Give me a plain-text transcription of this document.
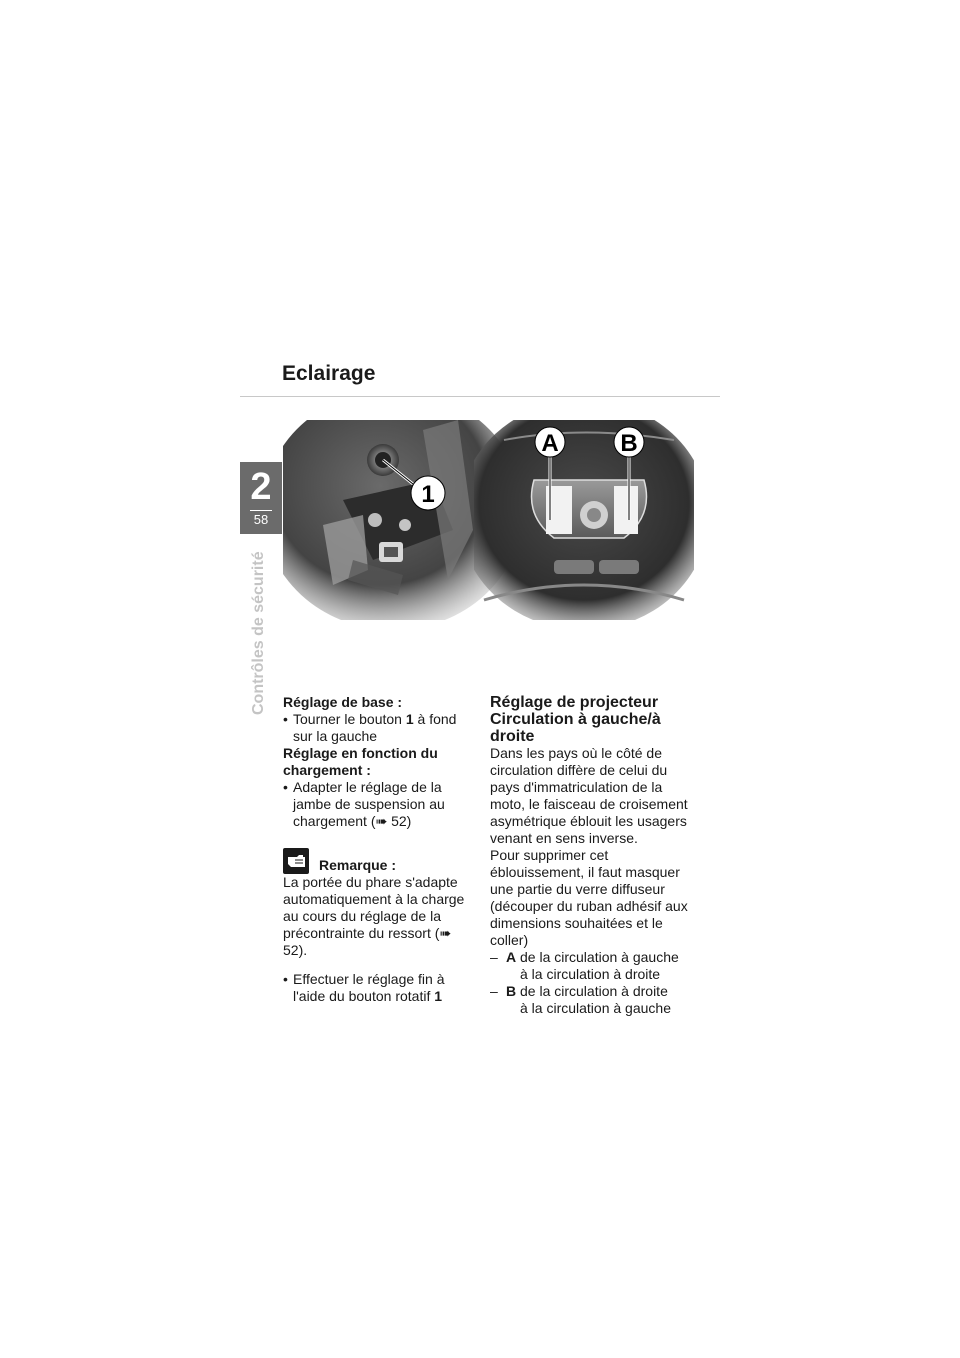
Eclairage
2
58
Contrôles de sécurité
1
A	B
Réglage de base :
• Tourner le bouton 1 à fond sur la gauche
Réglage en fonction du chargement :
• Adapter le réglage de la jambe de suspension au chargement (➠ 52)
Remarque :
La portée du phare s'adapte automatiquement à la charge au cours du réglage de la précontrainte du ressort (➠ 52).
• Effectuer le réglage fin à l'aide du bouton rotatif 1
Réglage de projecteur
Circulation à gauche/à droite
Dans les pays où le côté de circulation diffère de celui du pays d'immatriculation de la moto, le faisceau de croisement asymétrique éblouit les usagers venant en sens inverse.
Pour supprimer cet éblouissement, il faut masquer une partie du verre diffuseur (découper du ruban adhésif aux dimensions souhaitées et le coller)
– A de la circulation à gauche
à la circulation à droite
– B de la circulation à droite
à la circulation à gauche
